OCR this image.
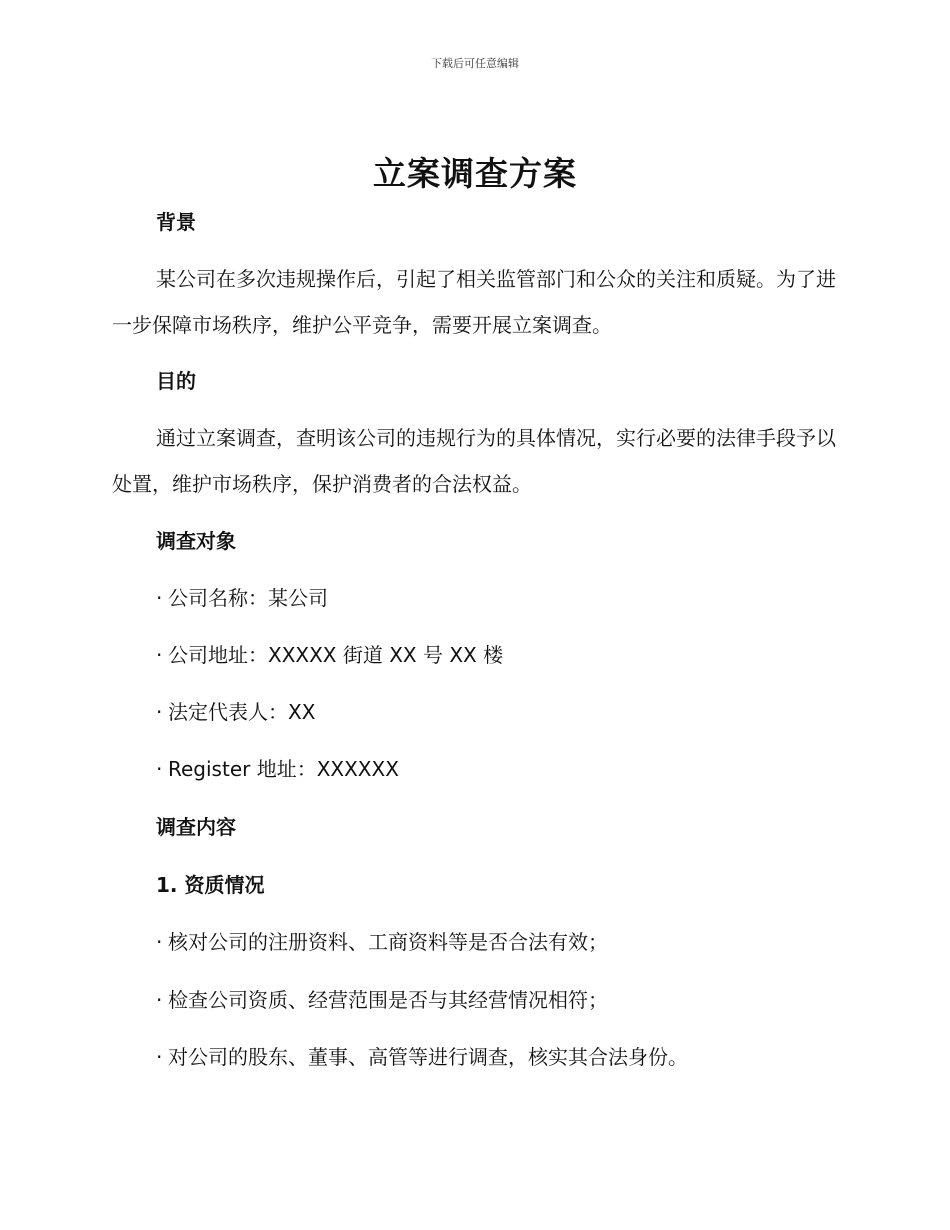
下载后可任意编辑
立案调查方案
背景
某公司在多次违规操作后，引起了相关监管部门和公众的关注和质疑。为了进一步保障市场秩序，维护公平竞争，需要开展立案调查。
目的
通过立案调查，查明该公司的违规行为的具体情况，实行必要的法律手段予以处置，维护市场秩序，保护消费者的合法权益。
调查对象
· 公司名称：某公司
· 公司地址：XXXXX 街道 XX 号 XX 楼
· 法定代表人：XX
· Register 地址：XXXXXX
调查内容
1. 资质情况
· 核对公司的注册资料、工商资料等是否合法有效；
· 检查公司资质、经营范围是否与其经营情况相符；
· 对公司的股东、董事、高管等进行调查，核实其合法身份。
